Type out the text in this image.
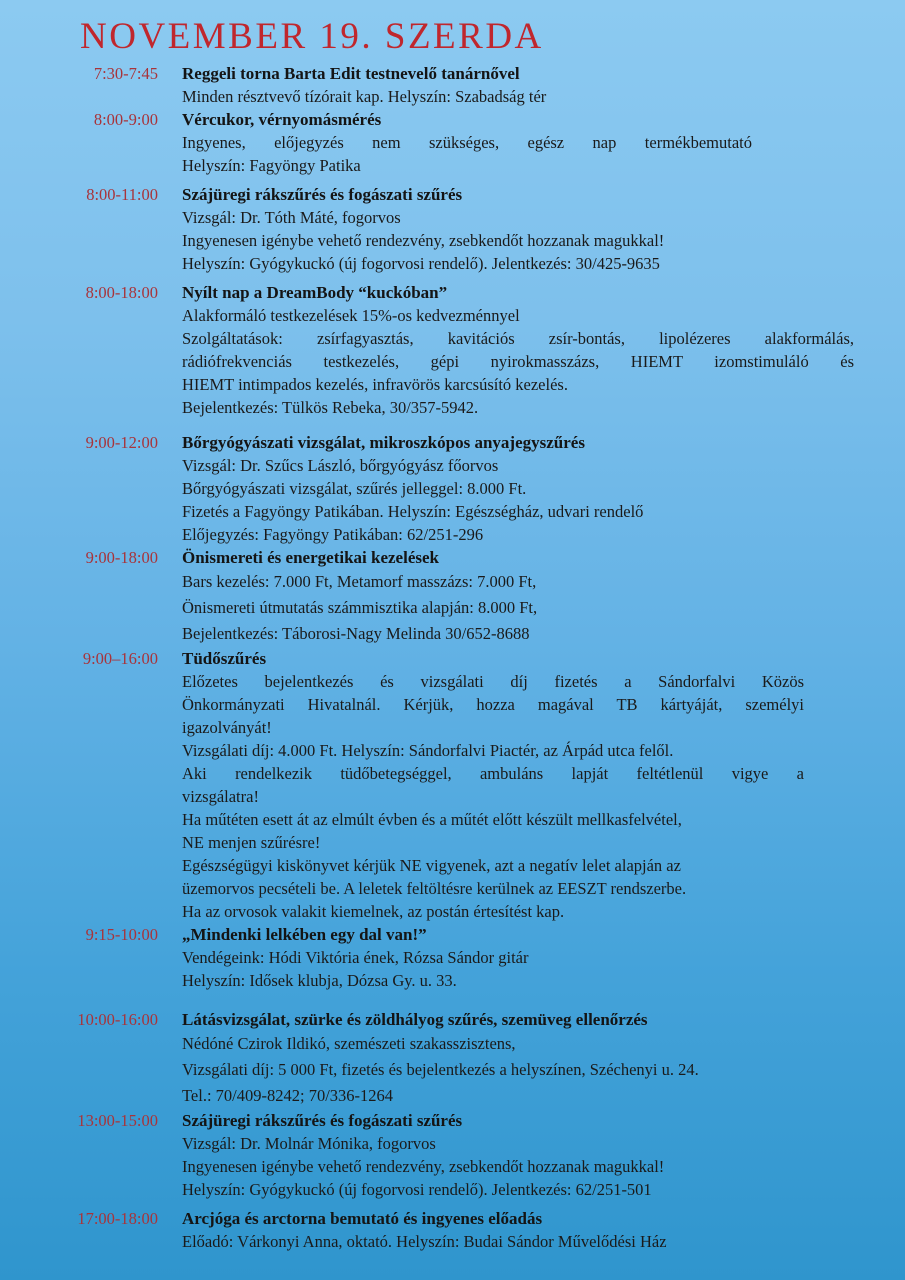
NOVEMBER 19. SZERDA
7:30-7:45 Reggeli torna Barta Edit testnevelő tanárnővel
Minden résztvevő tízórait kap. Helyszín: Szabadság tér
8:00-9:00 Vércukor, vérnyomásmérés
Ingyenes, előjegyzés nem szükséges, egész nap termékbemutató
Helyszín: Fagyöngy Patika
8:00-11:00 Szájüregi rákszűrés és fogászati szűrés
Vizsgál: Dr. Tóth Máté, fogorvos
Ingyenesen igénybe vehető rendezvény, zsebkendőt hozzanak magukkal!
Helyszín: Gyógykuckó (új fogorvosi rendelő). Jelentkezés: 30/425-9635
8:00-18:00 Nyílt nap a DreamBody “kuckóban”
Alakformáló testkezelések 15%-os kedvezménnyel
Szolgáltatások: zsírfagyasztás, kavitációs zsír-bontás, lipolézeres alakformálás,
rádiófrekvenciás testkezelés, gépi nyirokmasszázs, HIEMT izomstimuláló és
HIEMT intimpados kezelés, infravörös karcsúsító kezelés.
Bejelentkezés: Tülkös Rebeka, 30/357-5942.
9:00-12:00 Bőrgyógyászati vizsgálat, mikroszkópos anyajegyszűrés
Vizsgál: Dr. Szűcs László, bőrgyógyász főorvos
Bőrgyógyászati vizsgálat, szűrés jelleggel: 8.000 Ft.
Fizetés a Fagyöngy Patikában. Helyszín: Egészségház, udvari rendelő
Előjegyzés: Fagyöngy Patikában: 62/251-296
9:00-18:00 Önismereti és energetikai kezelések
Bars kezelés: 7.000 Ft, Metamorf masszázs: 7.000 Ft,
Önismereti útmutatás számmisztika alapján: 8.000 Ft,
Bejelentkezés: Táborosi-Nagy Melinda 30/652-8688
9:00–16:00 Tüdőszűrés
Előzetes bejelentkezés és vizsgálati díj fizetés a Sándorfalvi Közös
Önkormányzati Hivatalnál. Kérjük, hozza magával TB kártyáját, személyi
igazolványát!
Vizsgálati díj: 4.000 Ft. Helyszín: Sándorfalvi Piactér, az Árpád utca felől.
Aki rendelkezik tüdőbetegséggel, ambuláns lapját feltétlenül vigye a
vizsgálatra!
Ha műtéten esett át az elmúlt évben és a műtét előtt készült mellkasfelvétel,
NE menjen szűrésre!
Egészségügyi kiskönyvet kérjük NE vigyenek, azt a negatív lelet alapján az
üzemorvos pecsételi be. A leletek feltöltésre kerülnek az EESZT rendszerbe.
Ha az orvosok valakit kiemelnek, az postán értesítést kap.
9:15-10:00 „Mindenki lelkében egy dal van!”
Vendégeink: Hódi Viktória ének, Rózsa Sándor gitár
Helyszín: Idősek klubja, Dózsa Gy. u. 33.
10:00-16:00 Látásvizsgálat, szürke és zöldhályog szűrés, szemüveg ellenőrzés
Nédóné Czirok Ildikó, szemészeti szakasszisztens,
Vizsgálati díj: 5 000 Ft, fizetés és bejelentkezés a helyszínen, Széchenyi u. 24.
Tel.: 70/409-8242; 70/336-1264
13:00-15:00 Szájüregi rákszűrés és fogászati szűrés
Vizsgál: Dr. Molnár Mónika, fogorvos
Ingyenesen igénybe vehető rendezvény, zsebkendőt hozzanak magukkal!
Helyszín: Gyógykuckó (új fogorvosi rendelő). Jelentkezés: 62/251-501
17:00-18:00 Arcjóga és arctorna bemutató és ingyenes előadás
Előadó: Várkonyi Anna, oktató. Helyszín: Budai Sándor Művelődési Ház
